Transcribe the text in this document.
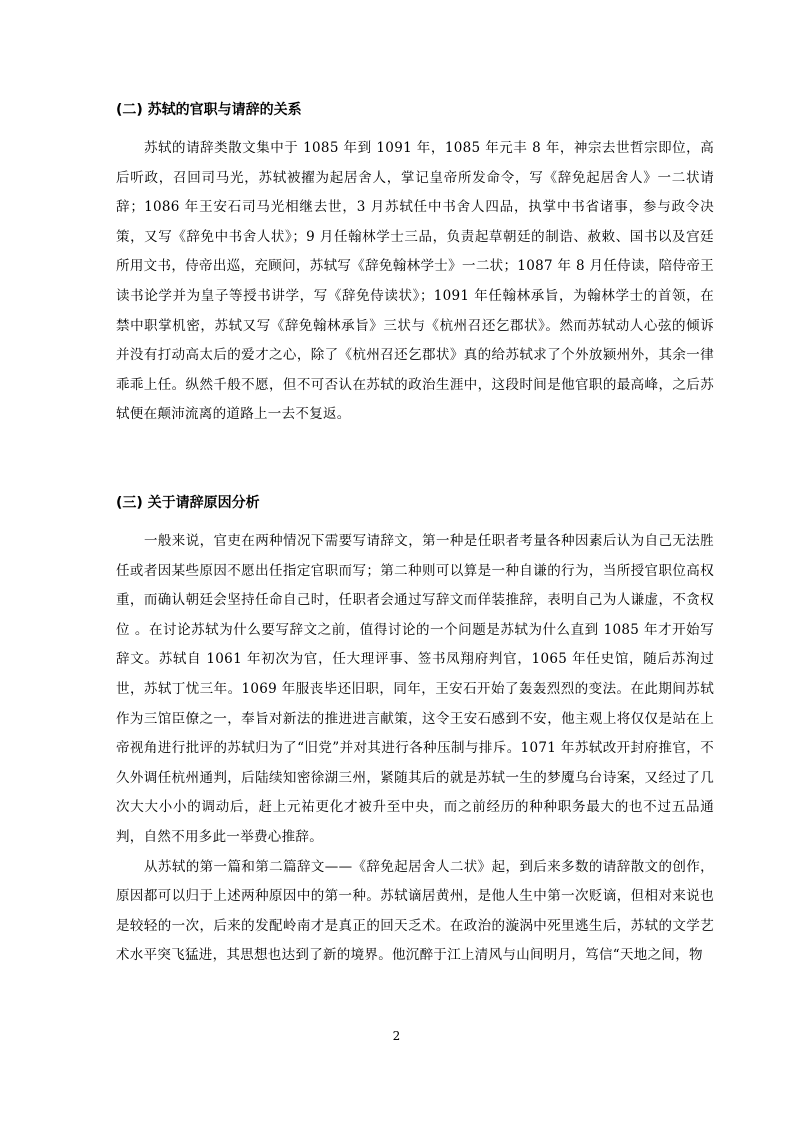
(二) 苏轼的官职与请辞的关系

苏轼的请辞类散文集中于 1085 年到 1091 年，1085 年元丰 8 年，神宗去世哲宗即位，高后听政，召回司马光，苏轼被擢为起居舍人，掌记皇帝所发命令，写《辞免起居舍人》一二状请辞；1086 年王安石司马光相继去世，3 月苏轼任中书舍人四品，执掌中书省诸事，参与政令决策，又写《辞免中书舍人状》；9 月任翰林学士三品，负责起草朝廷的制诰、赦敕、国书以及宫廷所用文书，侍帝出巡，充顾问，苏轼写《辞免翰林学士》一二状；1087 年 8 月任侍读，陪侍帝王读书论学并为皇子等授书讲学，写《辞免侍读状》；1091 年任翰林承旨，为翰林学士的首领，在禁中职掌机密，苏轼又写《辞免翰林承旨》三状与《杭州召还乞郡状》。然而苏轼动人心弦的倾诉并没有打动高太后的爱才之心，除了《杭州召还乞郡状》真的给苏轼求了个外放颍州外，其余一律乖乖上任。纵然千般不愿，但不可否认在苏轼的政治生涯中，这段时间是他官职的最高峰，之后苏轼便在颠沛流离的道路上一去不复返。

(三) 关于请辞原因分析

一般来说，官吏在两种情况下需要写请辞文，第一种是任职者考量各种因素后认为自己无法胜任或者因某些原因不愿出任指定官职而写；第二种则可以算是一种自谦的行为，当所授官职位高权重，而确认朝廷会坚持任命自己时，任职者会通过写辞文而佯装推辞，表明自己为人谦虚，不贪权位 。在讨论苏轼为什么要写辞文之前，值得讨论的一个问题是苏轼为什么直到 1085 年才开始写辞文。苏轼自 1061 年初次为官，任大理评事、签书凤翔府判官，1065 年任史馆，随后苏洵过世，苏轼丁忧三年。1069 年服丧毕还旧职，同年，王安石开始了轰轰烈烈的变法。在此期间苏轼作为三馆臣僚之一，奉旨对新法的推进进言献策，这令王安石感到不安，他主观上将仅仅是站在上帝视角进行批评的苏轼归为了“旧党”并对其进行各种压制与排斥。1071 年苏轼改开封府推官，不久外调任杭州通判，后陆续知密徐湖三州，紧随其后的就是苏轼一生的梦魇乌台诗案，又经过了几次大大小小的调动后，赶上元祐更化才被升至中央，而之前经历的种种职务最大的也不过五品通判，自然不用多此一举费心推辞。

从苏轼的第一篇和第二篇辞文——《辞免起居舍人二状》起，到后来多数的请辞散文的创作，原因都可以归于上述两种原因中的第一种。苏轼谪居黄州，是他人生中第一次贬谪，但相对来说也是较轻的一次，后来的发配岭南才是真正的回天乏术。在政治的漩涡中死里逃生后，苏轼的文学艺术水平突飞猛进，其思想也达到了新的境界。他沉醉于江上清风与山间明月，笃信“天地之间，物

2
